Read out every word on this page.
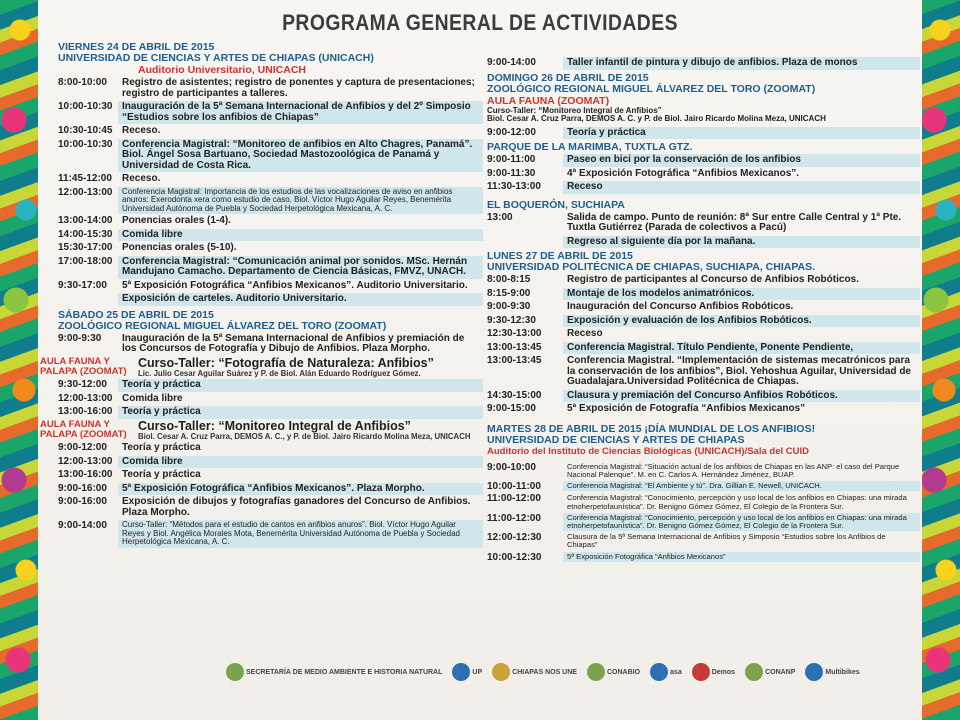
PROGRAMA GENERAL DE ACTIVIDADES
VIERNES 24 DE ABRIL DE 2015
UNIVERSIDAD DE CIENCIAS Y ARTES DE CHIAPAS (UNICACH)
Auditorio Universitario, UNICACH
8:00-10:00	Registro de asistentes; registro de ponentes y captura de presentaciones; registro de participantes a talleres.
10:00-10:30 Inauguración de la 5ª Semana Internacional de Anfibios y del 2º Simposio “Estudios sobre los anfibios de Chiapas”
10:30-10:45 Receso.
10:00-10:30 Conferencia Magistral: “Monitoreo de anfibios en Alto Chagres, Panamá”. Biol. Ángel Sosa Bartuano, Sociedad Mastozoológica de Panamá y Universidad de Costa Rica.
11:45-12:00	Receso.
12:00-13:00	Conferencia Magistral: Importancia de los estudios de las vocalizaciones de aviso en anfibios anuros: Exerodonta xera como estudio de caso. Biol. Víctor Hugo Aguilar Reyes, Benemérita Universidad Autónoma de Puebla y Sociedad Herpetológica Mexicana, A. C.
13:00-14:00 Ponencias orales (1-4).
14:00-15:30 Comida libre
15:30-17:00 Ponencias orales (5-10).
17:00-18:00 Conferencia Magistral: “Comunicación animal por sonidos. MSc. Hernán Mandujano Camacho. Departamento de Ciencia Básicas, FMVZ, UNACH.
9:30-17:00	5ª Exposición Fotográfica “Anfibios Mexicanos”. Auditorio Universitario.
Exposición de carteles. Auditorio Universitario.
SÁBADO 25 DE ABRIL DE 2015
ZOOLÓGICO REGIONAL MIGUEL ÁLVAREZ DEL TORO (ZOOMAT)
9:00-9:30	Inauguración de la 5ª Semana Internacional de Anfibios y premiación de los Concursos de Fotografía y Dibujo de Anfibios. Plaza Morpho.
AULA FAUNA Y PALAPA (ZOOMAT)
Curso-Taller: “Fotografía de Naturaleza: Anfibios”
Lic. Julio Cesar Aguilar Suárez y P. de Biol. Alán Eduardo Rodríguez Gómez.
9:30-12:00	Teoría y práctica
12:00-13:00 Comida libre
13:00-16:00 Teoría y práctica
AULA FAUNA Y PALAPA (ZOOMAT)
Curso-Taller: “Monitoreo Integral de Anfibios”
Biol. Cesar A. Cruz Parra, DEMOS A. C., y P. de Biol. Jairo Ricardo Molina Meza, UNICACH
9:00-12:00	Teoría y práctica
12:00-13:00 Comida libre
13:00-16:00 Teoría y práctica
9:00-16:00	5ª Exposición Fotográfica “Anfibios Mexicanos”. Plaza Morpho.
9:00-16:00	Exposición de dibujos y fotografías ganadores del Concurso de Anfibios. Plaza Morpho.
9:00-14:00	Curso-Taller: “Métodos para el estudio de cantos en anfibios anuros”. Biol. Víctor Hugo Aguilar Reyes y Biol. Angélica Morales Mota, Benemérita Universidad Autónoma de Puebla y Sociedad Herpetológica Mexicana, A. C.
9:00-14:00	Taller infantil de pintura y dibujo de anfibios. Plaza de monos
DOMINGO 26 DE ABRIL DE 2015
ZOOLÓGICO REGIONAL MIGUEL ÁLVAREZ DEL TORO (ZOOMAT)
AULA FAUNA (ZOOMAT)
Curso-Taller: “Monitoreo Integral de Anfibios”
Biol. Cesar A. Cruz Parra, DEMOS A. C. y P. de Biol. Jairo Ricardo Molina Meza, UNICACH
9:00-12:00	Teoría y práctica
PARQUE DE LA MARIMBA, TUXTLA GTZ.
9:00-11:00	Paseo en bici por la conservación de los anfibios
9:00-11:30	4ª Exposición Fotográfica “Anfibios Mexicanos”.
11:30-13:00	Receso
EL BOQUERÓN, SUCHIAPA
13:00	Salida de campo. Punto de reunión: 8ª Sur entre Calle Central y 1ª Pte. Tuxtla Gutiérrez (Parada de colectivos a Pacú)
Regreso al siguiente día por la mañana.
LUNES 27 DE ABRIL DE 2015
UNIVERSIDAD POLITÉCNICA DE CHIAPAS, SUCHIAPA, CHIAPAS.
8:00-8:15	Registro de participantes al Concurso de Anfibios Robóticos.
8:15-9:00	Montaje de los modelos animatrónicos.
9:00-9:30	Inauguración del Concurso Anfibios Robóticos.
9:30-12:30	Exposición y evaluación de los Anfibios Robóticos.
12:30-13:00	Receso
13:00-13:45	Conferencia Magistral. Título Pendiente, Ponente Pendiente,
13:00-13:45	Conferencia Magistral. “Implementación de sistemas mecatrónicos para la conservación de los anfibios”, Biol. Yehoshua Aguilar, Universidad de Guadalajara.Universidad Politécnica de Chiapas.
14:30-15:00	Clausura y premiación del Concurso Anfibios Robóticos.
9:00-15:00	5ª Exposición de Fotografía “Anfibios Mexicanos”
MARTES 28 DE ABRIL DE 2015 ¡DÍA MUNDIAL DE LOS ANFIBIOS!
UNIVERSIDAD DE CIENCIAS Y ARTES DE CHIAPAS
Auditorio del Instituto de Ciencias Biológicas (UNICACH)/Sala del CUID
9:00-10:00	Conferencia Magistral: “Situación actual de los anfibios de Chiapas en las ANP: el caso del Parque Nacional Palenque”. M. en C. Carlos A. Hernández Jiménez, BUAP.
10:00-11:00	Conferencia Magistral: “El Ambiente y tú”. Dra. Gillian E. Newell, UNICACH.
11:00-12:00	Conferencia Magistral: “Conocimiento, percepción y uso local de los anfibios en Chiapas: una mirada etnoherpetofaunística”. Dr. Benigno Gómez Gómez, El Colegio de la Frontera Sur.
11:00-12:00	Conferencia Magistral: “Conocimiento, percepción y uso local de los anfibios en Chiapas: una mirada etnoherpetofaunística”. Dr. Benigno Gómez Gómez, El Colegio de la Frontera Sur.
12:00-12:30	Clausura de la 5ª Semana Internacional de Anfibios y Simposio “Estudios sobre los Anfibios de Chiapas”
10:00-12:30	5ª Exposición Fotográfica “Anfibios Mexicanos”
SECRETARÍA DE MEDIO AMBIENTE E HISTORIA NATURAL	UP	CHIAPAS NOS UNE	CONABIO	asa	Demos	CONANP	Multibikes
